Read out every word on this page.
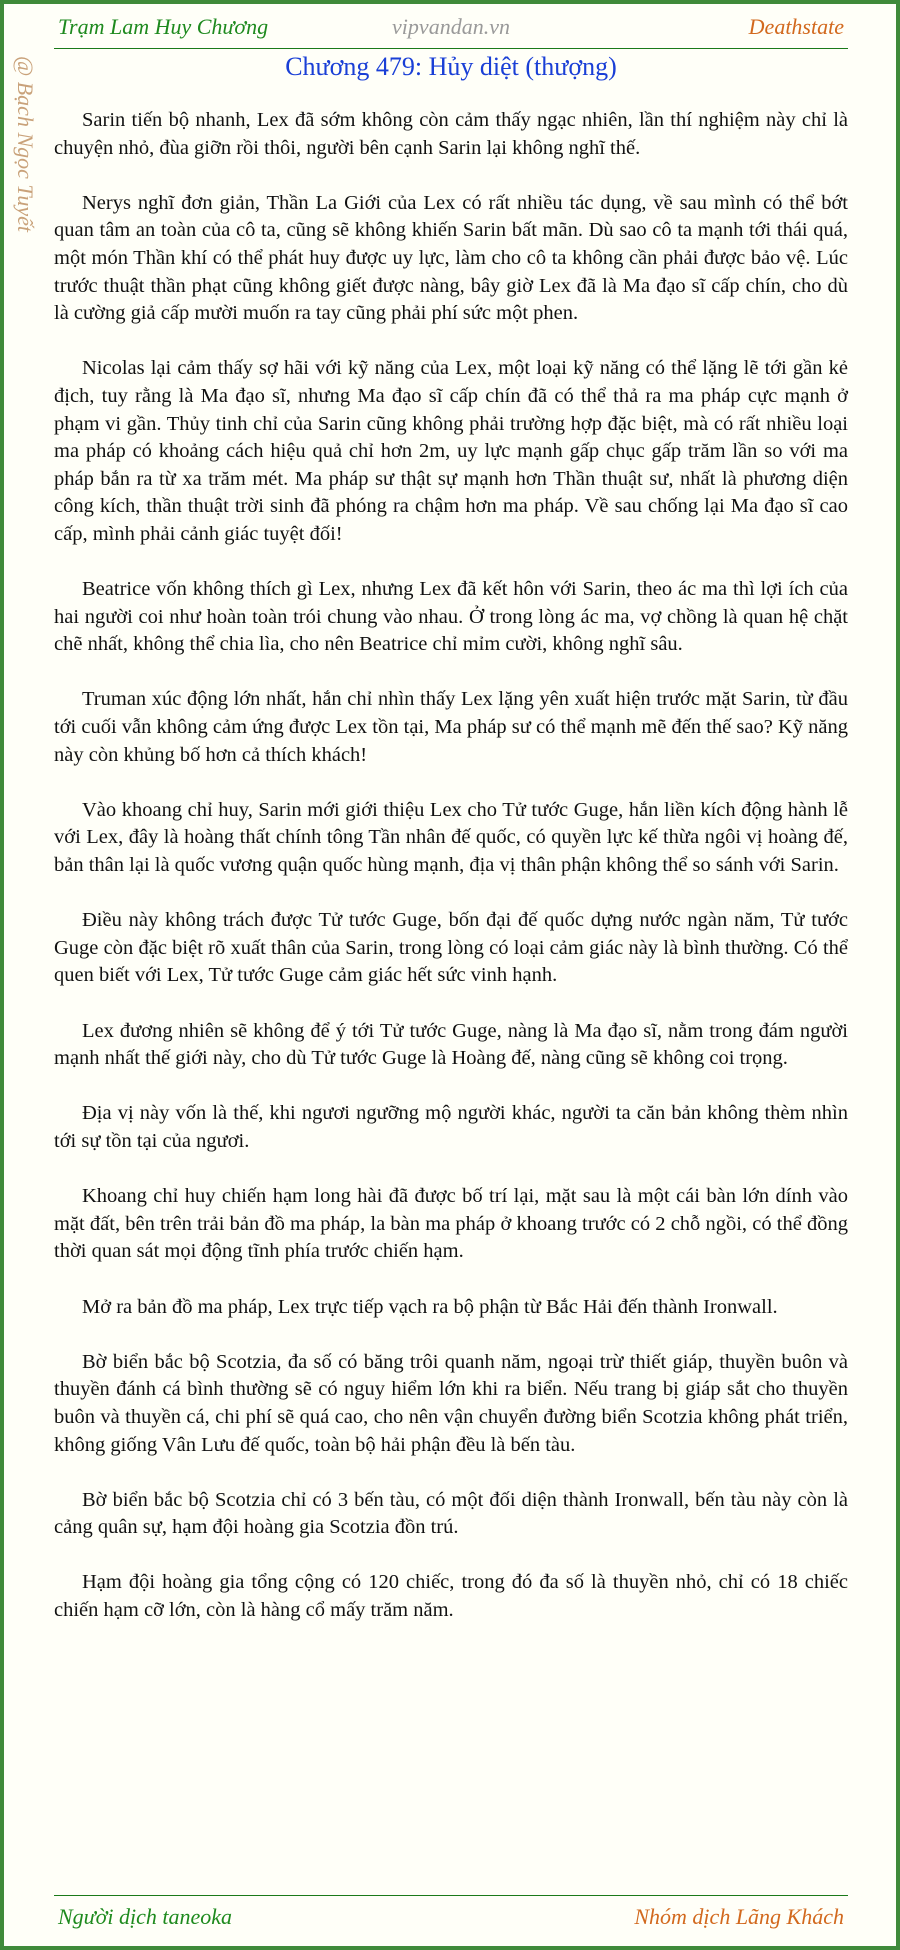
Trạm Lam Huy Chương	vipvandan.vn	Deathstate
@ Bạch Ngọc Tuyết	Chương 479: Hủy diệt (thượng)

Sarin tiến bộ nhanh, Lex đã sớm không còn cảm thấy ngạc nhiên, lần thí nghiệm này chỉ là chuyện nhỏ, đùa giỡn rồi thôi, người bên cạnh Sarin lại không nghĩ thế.

Nerys nghĩ đơn giản, Thần La Giới của Lex có rất nhiều tác dụng, về sau mình có thể bớt quan tâm an toàn của cô ta, cũng sẽ không khiến Sarin bất mãn. Dù sao cô ta mạnh tới thái quá, một món Thần khí có thể phát huy được uy lực, làm cho cô ta không cần phải được bảo vệ. Lúc trước thuật thần phạt cũng không giết được nàng, bây giờ Lex đã là Ma đạo sĩ cấp chín, cho dù là cường giả cấp mười muốn ra tay cũng phải phí sức một phen.

Nicolas lại cảm thấy sợ hãi với kỹ năng của Lex, một loại kỹ năng có thể lặng lẽ tới gần kẻ địch, tuy rằng là Ma đạo sĩ, nhưng Ma đạo sĩ cấp chín đã có thể thả ra ma pháp cực mạnh ở phạm vi gần. Thủy tinh chỉ của Sarin cũng không phải trường hợp đặc biệt, mà có rất nhiều loại ma pháp có khoảng cách hiệu quả chỉ hơn 2m, uy lực mạnh gấp chục gấp trăm lần so với ma pháp bắn ra từ xa trăm mét. Ma pháp sư thật sự mạnh hơn Thần thuật sư, nhất là phương diện công kích, thần thuật trời sinh đã phóng ra chậm hơn ma pháp. Về sau chống lại Ma đạo sĩ cao cấp, mình phải cảnh giác tuyệt đối!

Beatrice vốn không thích gì Lex, nhưng Lex đã kết hôn với Sarin, theo ác ma thì lợi ích của hai người coi như hoàn toàn trói chung vào nhau. Ở trong lòng ác ma, vợ chồng là quan hệ chặt chẽ nhất, không thể chia lìa, cho nên Beatrice chỉ mỉm cười, không nghĩ sâu.

Truman xúc động lớn nhất, hắn chỉ nhìn thấy Lex lặng yên xuất hiện trước mặt Sarin, từ đầu tới cuối vẫn không cảm ứng được Lex tồn tại, Ma pháp sư có thể mạnh mẽ đến thế sao? Kỹ năng này còn khủng bố hơn cả thích khách!

Vào khoang chỉ huy, Sarin mới giới thiệu Lex cho Tử tước Guge, hắn liền kích động hành lễ với Lex, đây là hoàng thất chính tông Tần nhân đế quốc, có quyền lực kế thừa ngôi vị hoàng đế, bản thân lại là quốc vương quận quốc hùng mạnh, địa vị thân phận không thể so sánh với Sarin.

Điều này không trách được Tử tước Guge, bốn đại đế quốc dựng nước ngàn năm, Tử tước Guge còn đặc biệt rõ xuất thân của Sarin, trong lòng có loại cảm giác này là bình thường. Có thể quen biết với Lex, Tử tước Guge cảm giác hết sức vinh hạnh.

Lex đương nhiên sẽ không để ý tới Tử tước Guge, nàng là Ma đạo sĩ, nằm trong đám người mạnh nhất thế giới này, cho dù Tử tước Guge là Hoàng đế, nàng cũng sẽ không coi trọng.

Địa vị này vốn là thế, khi ngươi ngưỡng mộ người khác, người ta căn bản không thèm nhìn tới sự tồn tại của ngươi.

Khoang chỉ huy chiến hạm long hài đã được bố trí lại, mặt sau là một cái bàn lớn dính vào mặt đất, bên trên trải bản đồ ma pháp, la bàn ma pháp ở khoang trước có 2 chỗ ngồi, có thể đồng thời quan sát mọi động tĩnh phía trước chiến hạm.

Mở ra bản đồ ma pháp, Lex trực tiếp vạch ra bộ phận từ Bắc Hải đến thành Ironwall.

Bờ biển bắc bộ Scotzia, đa số có băng trôi quanh năm, ngoại trừ thiết giáp, thuyền buôn và thuyền đánh cá bình thường sẽ có nguy hiểm lớn khi ra biển. Nếu trang bị giáp sắt cho thuyền buôn và thuyền cá, chi phí sẽ quá cao, cho nên vận chuyển đường biển Scotzia không phát triển, không giống Vân Lưu đế quốc, toàn bộ hải phận đều là bến tàu.

Bờ biển bắc bộ Scotzia chỉ có 3 bến tàu, có một đối diện thành Ironwall, bến tàu này còn là cảng quân sự, hạm đội hoàng gia Scotzia đồn trú.

Hạm đội hoàng gia tổng cộng có 120 chiếc, trong đó đa số là thuyền nhỏ, chỉ có 18 chiếc chiến hạm cỡ lớn, còn là hàng cổ mấy trăm năm.

Người dịch taneoka	Nhóm dịch Lãng Khách
